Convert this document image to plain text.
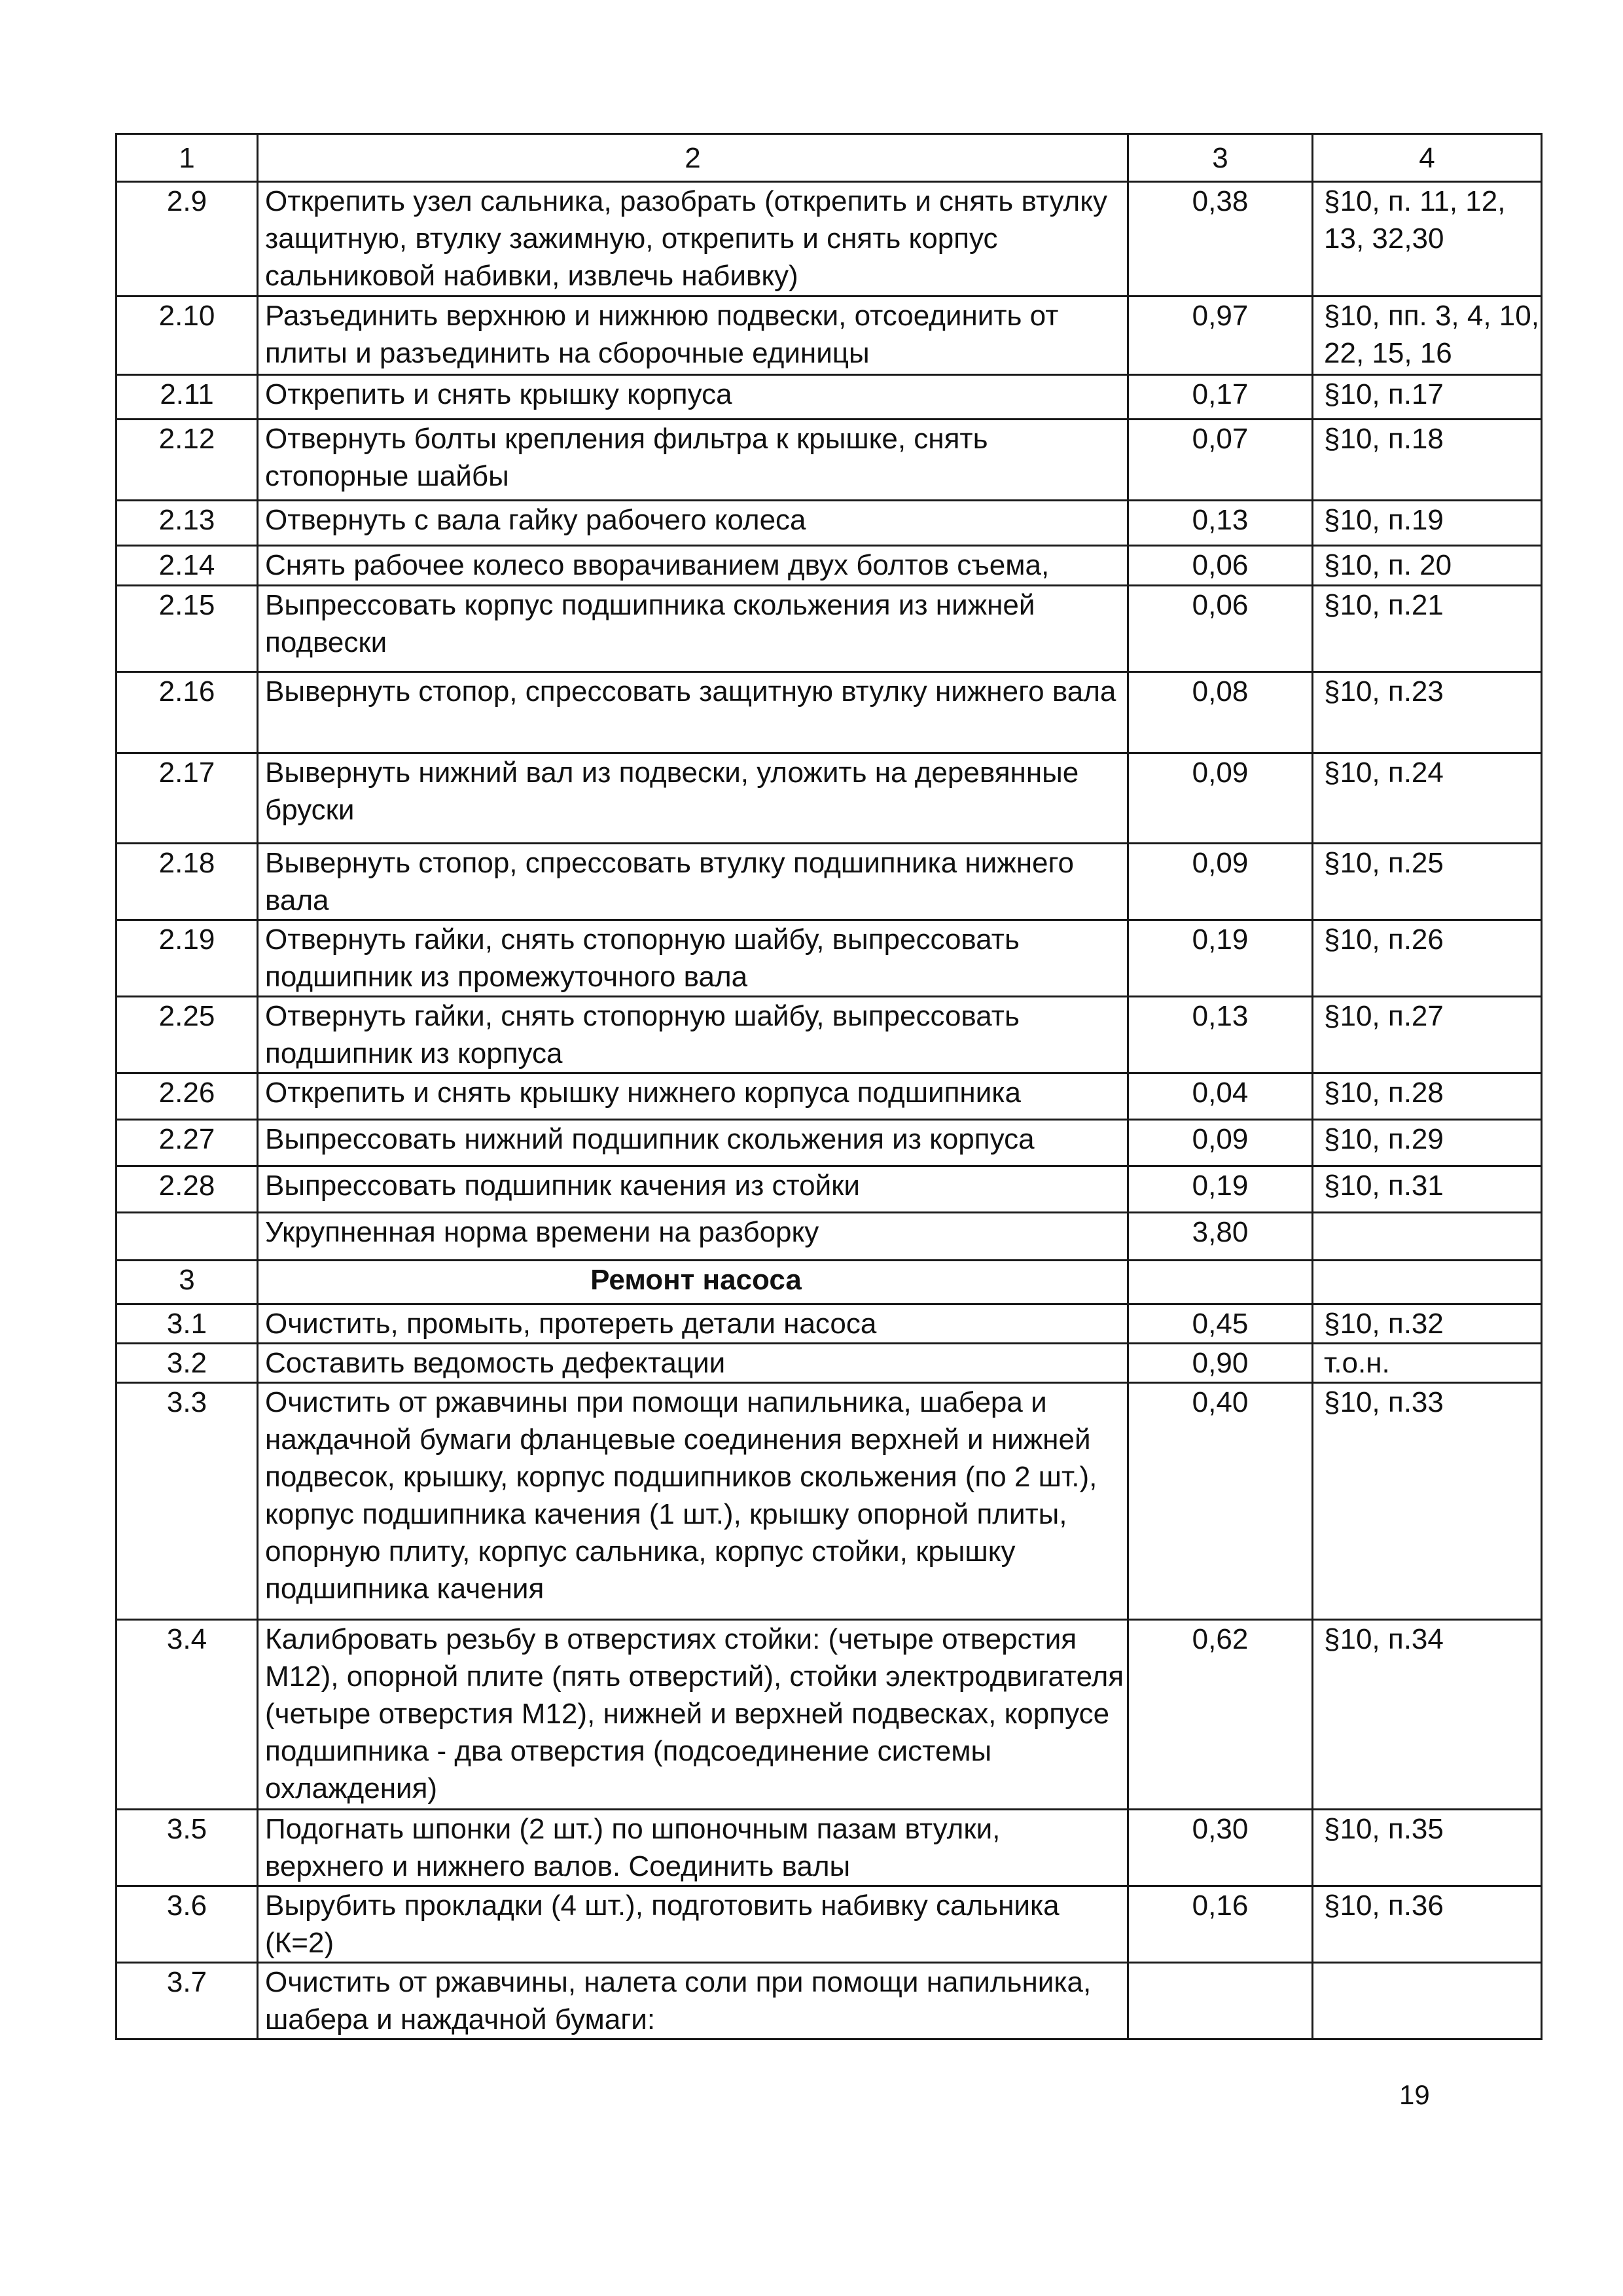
1	2	3	4
2.9	Открепить узел сальника, разобрать (открепить и снять втулку защитную, втулку зажимную, открепить и снять корпус сальниковой набивки, извлечь набивку)	0,38	§10, п. 11, 12, 13, 32,30
2.10	Разъединить верхнюю и нижнюю подвески, отсоединить от плиты и разъединить на сборочные единицы	0,97	§10, пп. 3, 4, 10, 22, 15, 16
2.11	Открепить и снять крышку корпуса	0,17	§10, п.17
2.12	Отвернуть болты крепления фильтра к крышке, снять стопорные шайбы	0,07	§10, п.18
2.13	Отвернуть с вала гайку рабочего колеса	0,13	§10, п.19
2.14	Снять рабочее колесо вворачиванием двух болтов съема,	0,06	§10, п. 20
2.15	Выпрессовать корпус подшипника скольжения из нижней подвески	0,06	§10, п.21
2.16	Вывернуть стопор, спрессовать защитную втулку нижнего вала	0,08	§10, п.23
2.17	Вывернуть нижний вал из подвески, уложить на деревянные бруски	0,09	§10, п.24
2.18	Вывернуть стопор, спрессовать втулку подшипника нижнего вала	0,09	§10, п.25
2.19	Отвернуть гайки, снять стопорную шайбу, выпрессовать подшипник из промежуточного вала	0,19	§10, п.26
2.25	Отвернуть гайки, снять стопорную шайбу, выпрессовать подшипник из корпуса	0,13	§10, п.27
2.26	Открепить и снять крышку нижнего корпуса подшипника	0,04	§10, п.28
2.27	Выпрессовать нижний подшипник скольжения из корпуса	0,09	§10, п.29
2.28	Выпрессовать подшипник качения из стойки	0,19	§10, п.31
	Укрупненная норма времени на разборку	3,80	
3	Ремонт насоса		
3.1	Очистить, промыть, протереть детали насоса	0,45	§10, п.32
3.2	Составить ведомость дефектации	0,90	т.о.н.
3.3	Очистить от ржавчины при помощи напильника, шабера и наждачной бумаги фланцевые соединения верхней и нижней подвесок, крышку, корпус подшипников скольжения (по 2 шт.), корпус подшипника качения (1 шт.), крышку опорной плиты, опорную плиту, корпус сальника, корпус стойки, крышку подшипника качения	0,40	§10, п.33
3.4	Калибровать резьбу в отверстиях стойки: (четыре отверстия М12), опорной плите (пять отверстий), стойки электродвигателя (четыре отверстия М12), нижней и верхней подвесках, корпусе подшипника - два отверстия (подсоединение системы охлаждения)	0,62	§10, п.34
3.5	Подогнать шпонки (2 шт.) по шпоночным пазам втулки, верхнего и нижнего валов. Соединить валы	0,30	§10, п.35
3.6	Вырубить прокладки (4 шт.), подготовить набивку сальника (К=2)	0,16	§10, п.36
3.7	Очистить от ржавчины, налета соли при помощи напильника, шабера и наждачной бумаги:		
19
